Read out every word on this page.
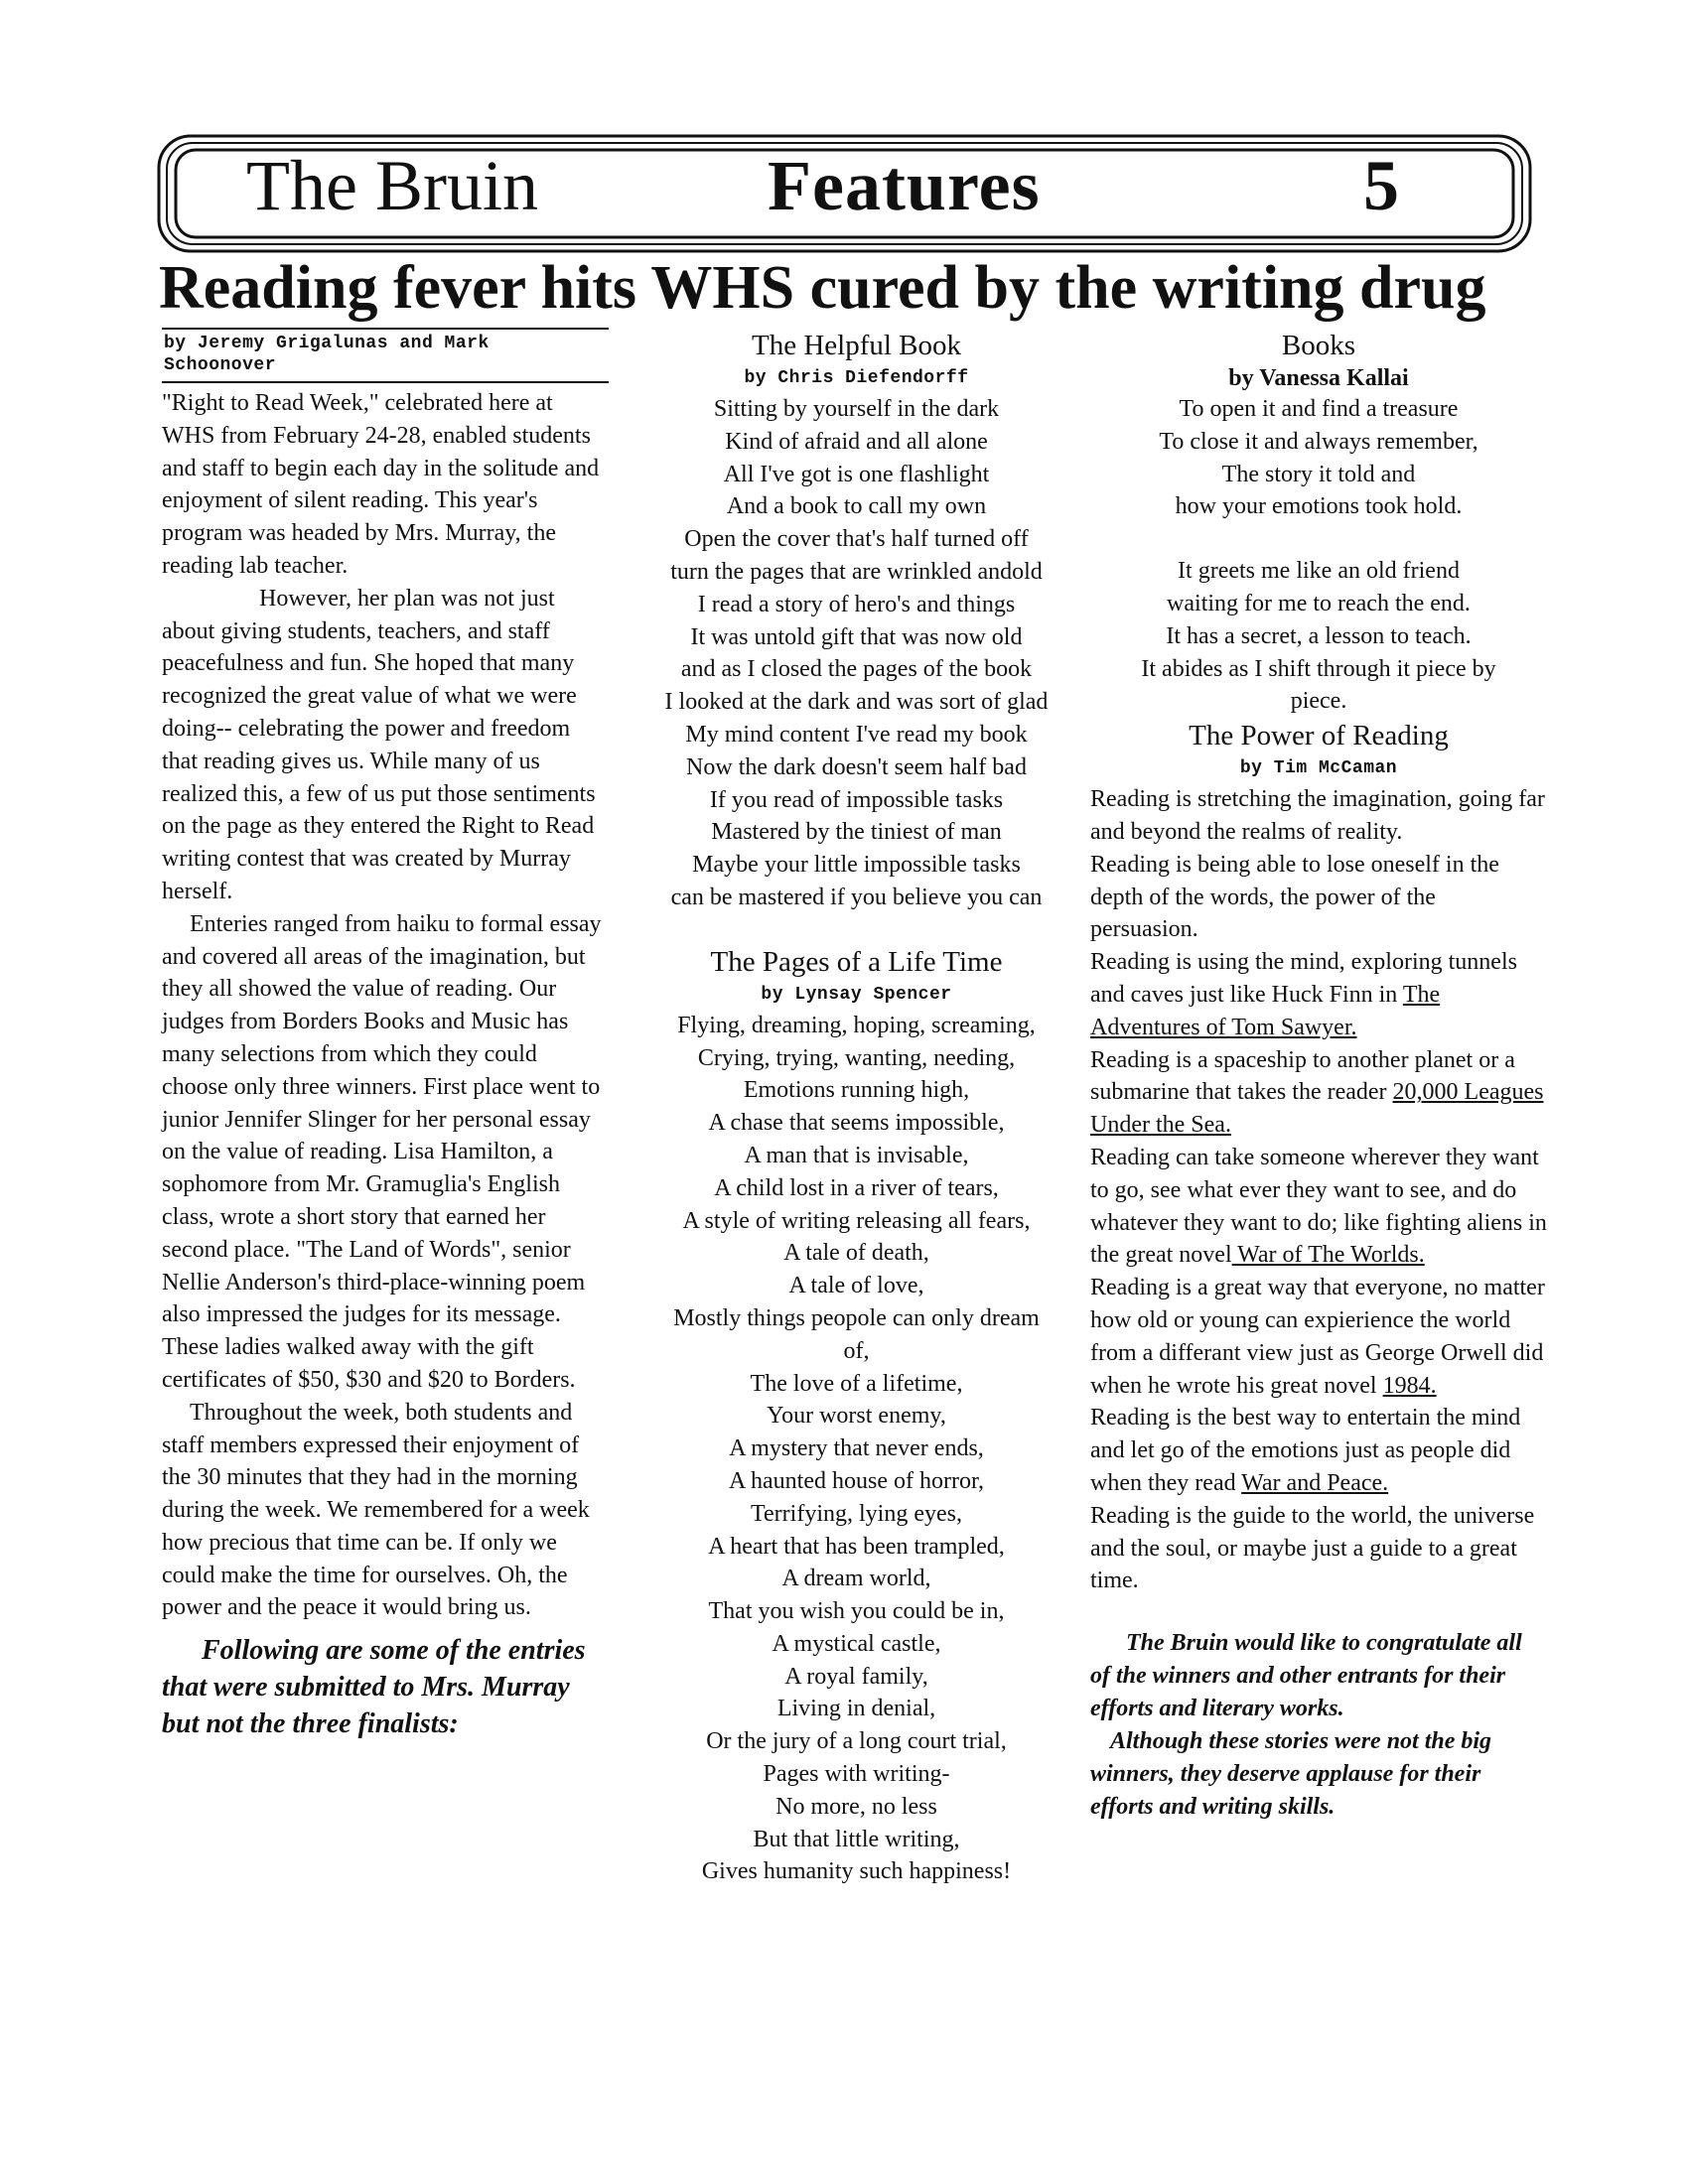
The Bruin	Features	5
Reading fever hits WHS cured by the writing drug
by Jeremy Grigalunas and Mark Schoonover

"Right to Read Week," celebrated here at WHS from February 24-28, enabled students and staff to begin each day in the solitude and enjoyment of silent reading. This year's program was headed by Mrs. Murray, the reading lab teacher.

However, her plan was not just about giving students, teachers, and staff peacefulness and fun. She hoped that many recognized the great value of what we were doing-- celebrating the power and freedom that reading gives us. While many of us realized this, a few of us put those sentiments on the page as they entered the Right to Read writing contest that was created by Murray herself.

Enteries ranged from haiku to formal essay and covered all areas of the imagination, but they all showed the value of reading. Our judges from Borders Books and Music has many selections from which they could choose only three winners. First place went to junior Jennifer Slinger for her personal essay on the value of reading. Lisa Hamilton, a sophomore from Mr. Gramuglia's English class, wrote a short story that earned her second place. "The Land of Words", senior Nellie Anderson's third-place-winning poem also impressed the judges for its message. These ladies walked away with the gift certificates of $50, $30 and $20 to Borders.

Throughout the week, both students and staff members expressed their enjoyment of the 30 minutes that they had in the morning during the week. We remembered for a week how precious that time can be. If only we could make the time for ourselves. Oh, the power and the peace it would bring us.

Following are some of the entries that were submitted to Mrs. Murray but not the three finalists:

The Helpful Book
by Chris Diefendorff
Sitting by yourself in the dark
Kind of afraid and all alone
All I've got is one flashlight
And a book to call my own
Open the cover that's half turned off
turn the pages that are wrinkled andold
I read a story of hero's and things
It was untold gift that was now old
and as I closed the pages of the book
I looked at the dark and was sort of glad
My mind content I've read my book
Now the dark doesn't seem half bad
If you read of impossible tasks
Mastered by the tiniest of man
Maybe your little impossible tasks
can be mastered if you believe you can
The Pages of a Life Time
by Lynsay Spencer
Flying, dreaming, hoping, screaming,
Crying, trying, wanting, needing,
Emotions running high,
A chase that seems impossible,
A man that is invisable,
A child lost in a river of tears,
A style of writing releasing all fears,
A tale of death,
A tale of love,
Mostly things peopole can only dream
of,
The love of a lifetime,
Your worst enemy,
A mystery that never ends,
A haunted house of horror,
Terrifying, lying eyes,
A heart that has been trampled,
A dream world,
That you wish you could be in,
A mystical castle,
A royal family,
Living in denial,
Or the jury of a long court trial,
Pages with writing-
No more, no less
But that little writing,
Gives humanity such happiness!
Books
by Vanessa Kallai
To open it and find a treasure
To close it and always remember,
The story it told and
how your emotions took hold.
It greets me like an old friend
waiting for me to reach the end.
It has a secret, a lesson to teach.
It abides as I shift through it piece by
piece.
The Power of Reading
by Tim McCaman
Reading is stretching the imagination, going far and beyond the realms of reality.
Reading is being able to lose oneself in the depth of the words, the power of the persuasion.
Reading is using the mind, exploring tunnels and caves just like Huck Finn in The Adventures of Tom Sawyer.
Reading is a spaceship to another planet or a submarine that takes the reader 20,000 Leagues Under the Sea.
Reading can take someone wherever they want to go, see what ever they want to see, and do whatever they want to do; like fighting aliens in the great novel War of The Worlds.
Reading is a great way that everyone, no matter how old or young can expierience the world from a differant view just as George Orwell did when he wrote his great novel 1984.
Reading is the best way to entertain the mind and let go of the emotions just as people did when they read War and Peace.
Reading is the guide to the world, the universe and the soul, or maybe just a guide to a great time.

The Bruin would like to congratulate all of the winners and other entrants for their efforts and literary works.

Although these stories were not the big winners, they deserve applause for their efforts and writing skills.
